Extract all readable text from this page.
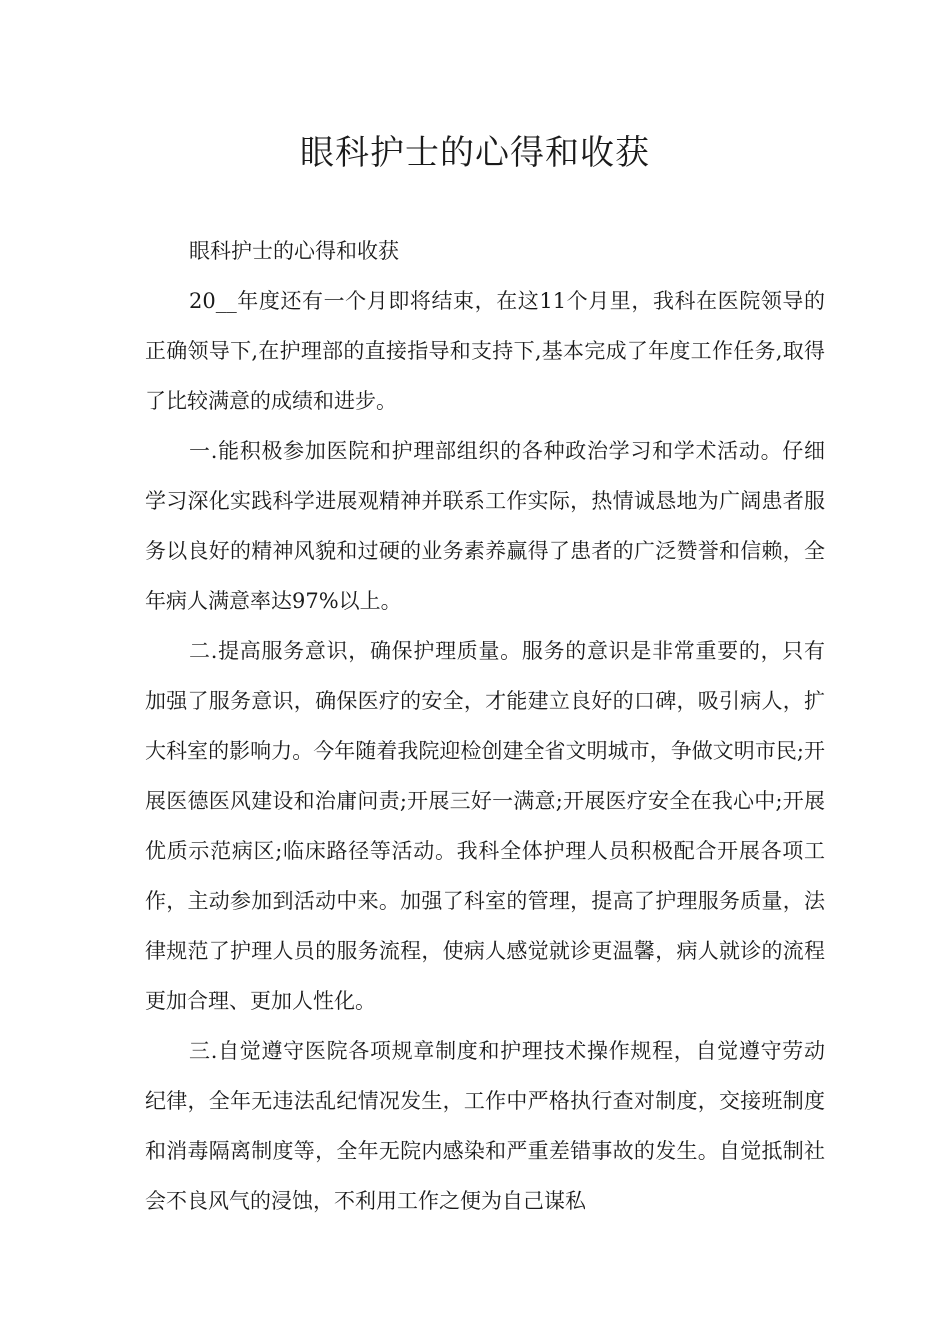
眼科护士的心得和收获

眼科护士的心得和收获

20__年度还有一个月即将结束，在这11个月里，我科在医院领导的正确领导下,在护理部的直接指导和支持下,基本完成了年度工作任务,取得了比较满意的成绩和进步。

一.能积极参加医院和护理部组织的各种政治学习和学术活动。仔细学习深化实践科学进展观精神并联系工作实际，热情诚恳地为广阔患者服务以良好的精神风貌和过硬的业务素养赢得了患者的广泛赞誉和信赖，全年病人满意率达97%以上。

二.提高服务意识，确保护理质量。服务的意识是非常重要的，只有加强了服务意识，确保医疗的安全，才能建立良好的口碑，吸引病人，扩大科室的影响力。今年随着我院迎检创建全省文明城市，争做文明市民;开展医德医风建设和治庸问责;开展三好一满意;开展医疗安全在我心中;开展优质示范病区;临床路径等活动。我科全体护理人员积极配合开展各项工作，主动参加到活动中来。加强了科室的管理，提高了护理服务质量，法律规范了护理人员的服务流程，使病人感觉就诊更温馨，病人就诊的流程更加合理、更加人性化。

三.自觉遵守医院各项规章制度和护理技术操作规程，自觉遵守劳动纪律，全年无违法乱纪情况发生，工作中严格执行查对制度，交接班制度和消毒隔离制度等，全年无院内感染和严重差错事故的发生。自觉抵制社会不良风气的浸蚀，不利用工作之便为自己谋私
